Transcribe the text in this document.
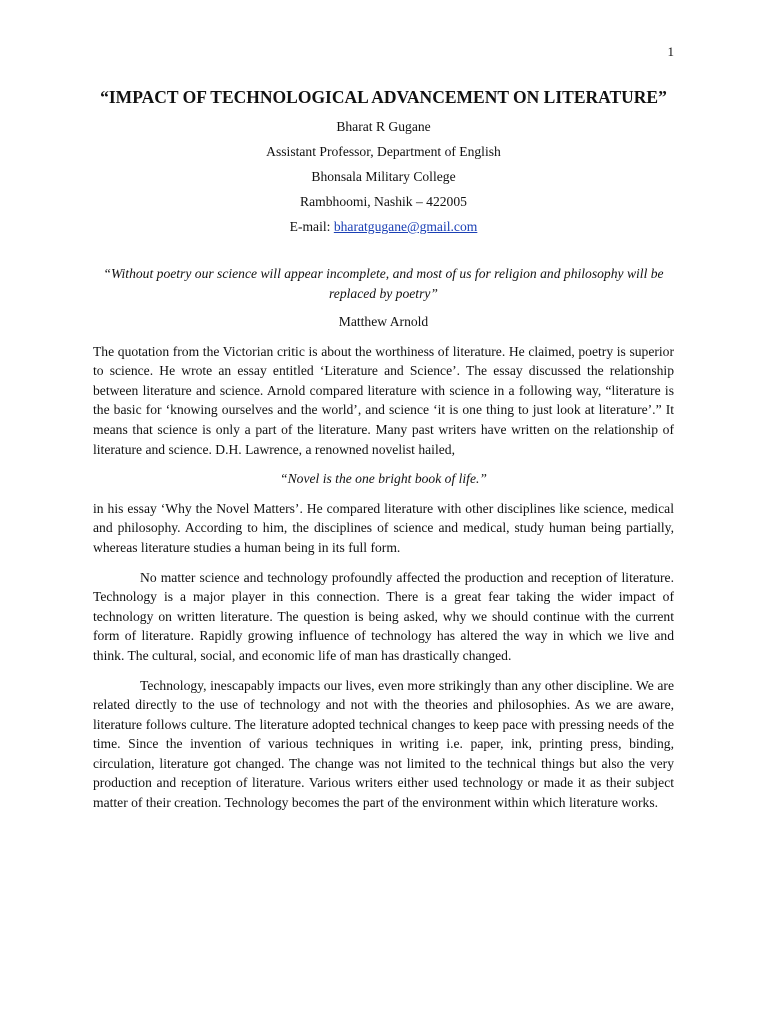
1
“IMPACT OF TECHNOLOGICAL ADVANCEMENT ON LITERATURE”

Bharat R Gugane

Assistant Professor, Department of English

Bhonsala Military College

Rambhoomi, Nashik – 422005

E-mail: bharatgugane@gmail.com

“Without poetry our science will appear incomplete, and most of us for religion and philosophy will be replaced by poetry”

Matthew Arnold

The quotation from the Victorian critic is about the worthiness of literature. He claimed, poetry is superior to science. He wrote an essay entitled ‘Literature and Science’. The essay discussed the relationship between literature and science. Arnold compared literature with science in a following way, “literature is the basic for ‘knowing ourselves and the world’, and science ‘it is one thing to just look at literature’.” It means that science is only a part of the literature. Many past writers have written on the relationship of literature and science. D.H. Lawrence, a renowned novelist hailed,

“Novel is the one bright book of life.”

in his essay ‘Why the Novel Matters’. He compared literature with other disciplines like science, medical and philosophy. According to him, the disciplines of science and medical, study human being partially, whereas literature studies a human being in its full form.

No matter science and technology profoundly affected the production and reception of literature. Technology is a major player in this connection. There is a great fear taking the wider impact of technology on written literature. The question is being asked, why we should continue with the current form of literature. Rapidly growing influence of technology has altered the way in which we live and think. The cultural, social, and economic life of man has drastically changed.

Technology, inescapably impacts our lives, even more strikingly than any other discipline. We are related directly to the use of technology and not with the theories and philosophies. As we are aware, literature follows culture. The literature adopted technical changes to keep pace with pressing needs of the time. Since the invention of various techniques in writing i.e. paper, ink, printing press, binding, circulation, literature got changed. The change was not limited to the technical things but also the very production and reception of literature. Various writers either used technology or made it as their subject matter of their creation. Technology becomes the part of the environment within which literature works.
